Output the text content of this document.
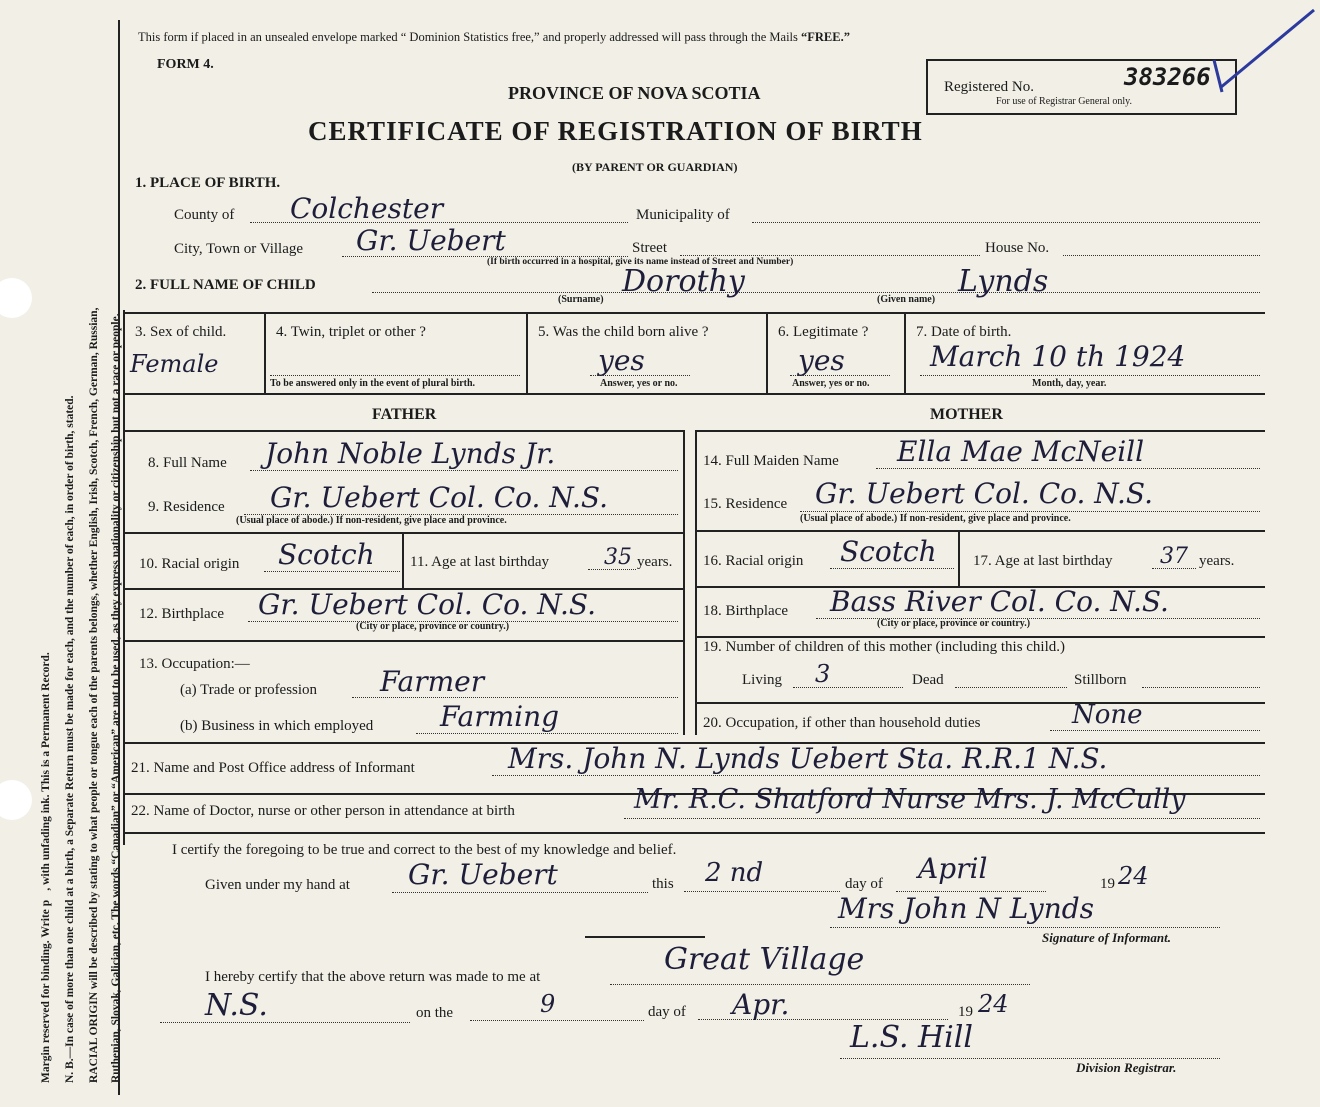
Margin reserved for binding. Write p    , with unfading ink. This is a Permanent Record. N. B.—In case of more than one child at a birth, a Separate Return must be made for each, and the number of each, in order of birth, stated. RACIAL ORIGIN will be described by stating to what people or tongue each of the parents belongs, whether English, Irish, Scotch, French, German, Russian, Ruthenian, Slovak, Galician, etc. The words “Canadian” or “American” are not to be used, as they express nationality or citizenship but not a race or people.
This form if placed in an unsealed envelope marked “ Dominion Statistics free,” and properly addressed will pass through the Mails “FREE.”
FORM 4.
PROVINCE OF NOVA SCOTIA
CERTIFICATE OF REGISTRATION OF BIRTH
(BY PARENT OR GUARDIAN)
Registered No.	383266
For use of Registrar General only.
1. PLACE OF BIRTH.
County of Colchester	Municipality of
City, Town or Village Gr. Uebert	Street
(If birth occurred in a hospital, give its name instead of Street and Number)
House No.
2. FULL NAME OF CHILD	Dorothy
(Surname)
Lynds
(Given name)
3. Sex of child.
Female
4. Twin, triplet or other ?
To be answered only in the event of plural birth.
5. Was the child born alive ?
yes
Answer, yes or no.
6. Legitimate ?
yes
Answer, yes or no.
7. Date of birth.
March 10 th 1924
Month, day, year.
FATHER	MOTHER
8. Full Name John Noble Lynds Jr.
9. Residence Gr. Uebert Col. Co. N.S.
(Usual place of abode.) If non-resident, give place and province.
10. Racial origin Scotch 11. Age at last birthday	35 years.
12. Birthplace Gr. Uebert Col. Co. N.S.
(City or place, province or country.)
13. Occupation:—
(a) Trade or profession Farmer
(b) Business in which employed Farming
14. Full Maiden Name Ella Mae McNeill
15. Residence Gr. Uebert Col. Co. N.S.
(Usual place of abode.) If non-resident, give place and province.
16. Racial origin Scotch 17. Age at last birthday 37 years.
18. Birthplace Bass River Col. Co. N.S.
(City or place, province or country.)
19. Number of children of this mother (including this child.)
Living 3	Dead	Stillborn
20. Occupation, if other than household duties	None
21. Name and Post Office address of Informant	Mrs. John N. Lynds Uebert Sta. R.R.1 N.S.
22. Name of Doctor, nurse or other person in attendance at birth	Mr. R.C. Shatford Nurse Mrs. J. McCully
I certify the foregoing to be true and correct to the best of my knowledge and belief.
Given under my hand at Gr. Uebert	this 2 nd	day of April	19 24
Mrs John N Lynds
Signature of Informant.
I hereby certify that the above return was made to me at	Great Village
N.S.	on the	9	day of Apr.	19 24
L.S. Hill
Division Registrar.
